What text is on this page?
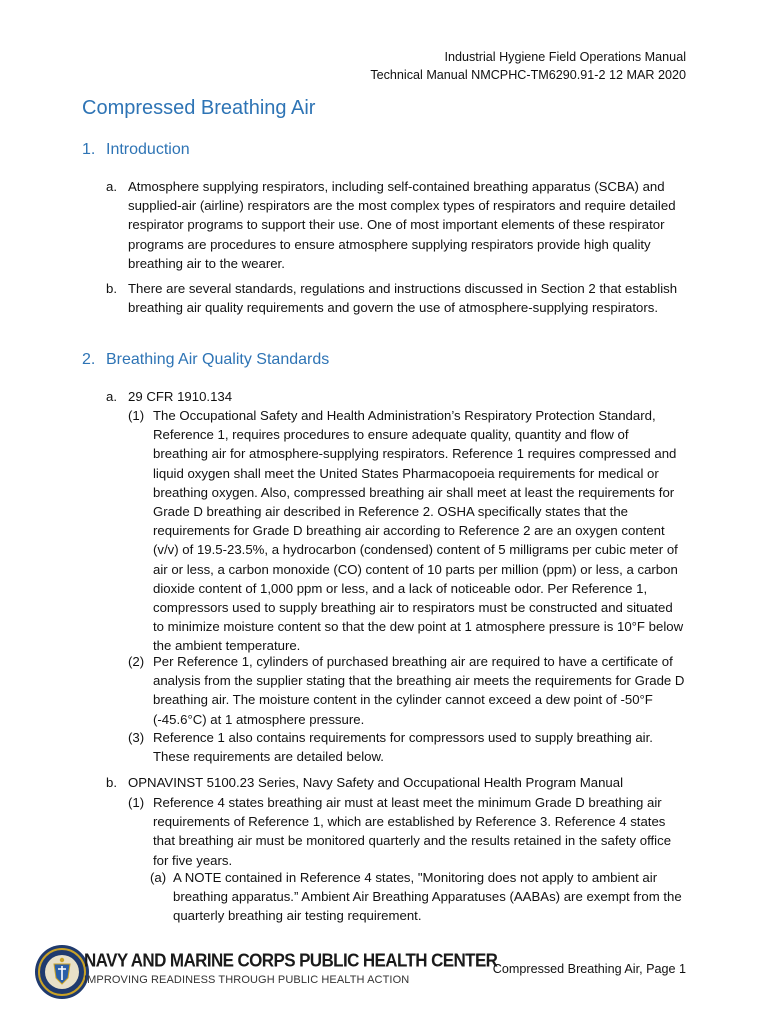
Industrial Hygiene Field Operations Manual
Technical Manual NMCPHC-TM6290.91-2 12 MAR 2020
Compressed Breathing Air
1. Introduction
a. Atmosphere supplying respirators, including self-contained breathing apparatus (SCBA) and supplied-air (airline) respirators are the most complex types of respirators and require detailed respirator programs to support their use. One of most important elements of these respirator programs are procedures to ensure atmosphere supplying respirators provide high quality breathing air to the wearer.

b. There are several standards, regulations and instructions discussed in Section 2 that establish breathing air quality requirements and govern the use of atmosphere-supplying respirators.

2. Breathing Air Quality Standards
a. 29 CFR 1910.134

(1) The Occupational Safety and Health Administration’s Respiratory Protection Standard, Reference 1, requires procedures to ensure adequate quality, quantity and flow of breathing air for atmosphere-supplying respirators. Reference 1 requires compressed and liquid oxygen shall meet the United States Pharmacopoeia requirements for medical or breathing oxygen. Also, compressed breathing air shall meet at least the requirements for Grade D breathing air described in Reference 2. OSHA specifically states that the requirements for Grade D breathing air according to Reference 2 are an oxygen content (v/v) of 19.5-23.5%, a hydrocarbon (condensed) content of 5 milligrams per cubic meter of air or less, a carbon monoxide (CO) content of 10 parts per million (ppm) or less, a carbon dioxide content of 1,000 ppm or less, and a lack of noticeable odor. Per Reference 1, compressors used to supply breathing air to respirators must be constructed and situated to minimize moisture content so that the dew point at 1 atmosphere pressure is 10°F below the ambient temperature.

(2) Per Reference 1, cylinders of purchased breathing air are required to have a certificate of analysis from the supplier stating that the breathing air meets the requirements for Grade D breathing air. The moisture content in the cylinder cannot exceed a dew point of -50°F (-45.6°C) at 1 atmosphere pressure.

(3) Reference 1 also contains requirements for compressors used to supply breathing air. These requirements are detailed below.

b. OPNAVINST 5100.23 Series, Navy Safety and Occupational Health Program Manual

(1) Reference 4 states breathing air must at least meet the minimum Grade D breathing air requirements of Reference 1, which are established by Reference 3. Reference 4 states that breathing air must be monitored quarterly and the results retained in the safety office for five years.

(a) A NOTE contained in Reference 4 states, "Monitoring does not apply to ambient air breathing apparatus.” Ambient Air Breathing Apparatuses (AABAs) are exempt from the quarterly breathing air testing requirement.

NAVY AND MARINE CORPS PUBLIC HEALTH CENTER
IMPROVING READINESS THROUGH PUBLIC HEALTH ACTION
Compressed Breathing Air, Page 1
